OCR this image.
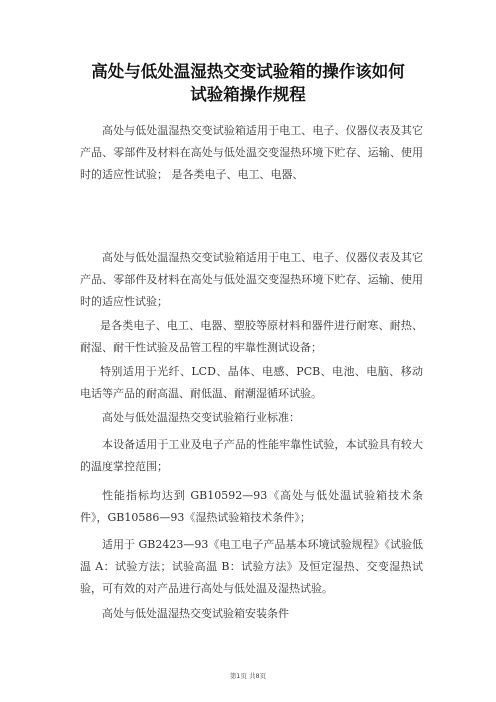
高处与低处温湿热交变试验箱的操作该如何
试验箱操作规程

高处与低处温湿热交变试验箱适用于电工、电子、仪器仪表及其它产品、零部件及材料在高处与低处温交变湿热环境下贮存、运输、使用时的适应性试验； 是各类电子、电工、电器、

高处与低处温湿热交变试验箱适用于电工、电子、仪器仪表及其它产品、零部件及材料在高处与低处温交变湿热环境下贮存、运输、使用时的适应性试验；

是各类电子、电工、电器、塑胶等原材料和器件进行耐寒、耐热、耐湿、耐干性试验及品管工程的牢靠性测试设备；

特别适用于光纤、LCD、晶体、电感、PCB、电池、电脑、移动电话等产品的耐高温、耐低温、耐潮湿循环试验。

高处与低处温湿热交变试验箱行业标准：

本设备适用于工业及电子产品的性能牢靠性试验，本试验具有较大的温度掌控范围；

性能指标均达到 GB10592—93《高处与低处温试验箱技术条件》，GB10586—93《湿热试验箱技术条件》；

适用于 GB2423—93《电工电子产品基本环境试验规程》《试验低温 A：试验方法；试验高温 B：试验方法》及恒定湿热、交变湿热试验，可有效的对产品进行高处与低处温及湿热试验。

高处与低处温湿热交变试验箱安装条件

第1页 共8页
